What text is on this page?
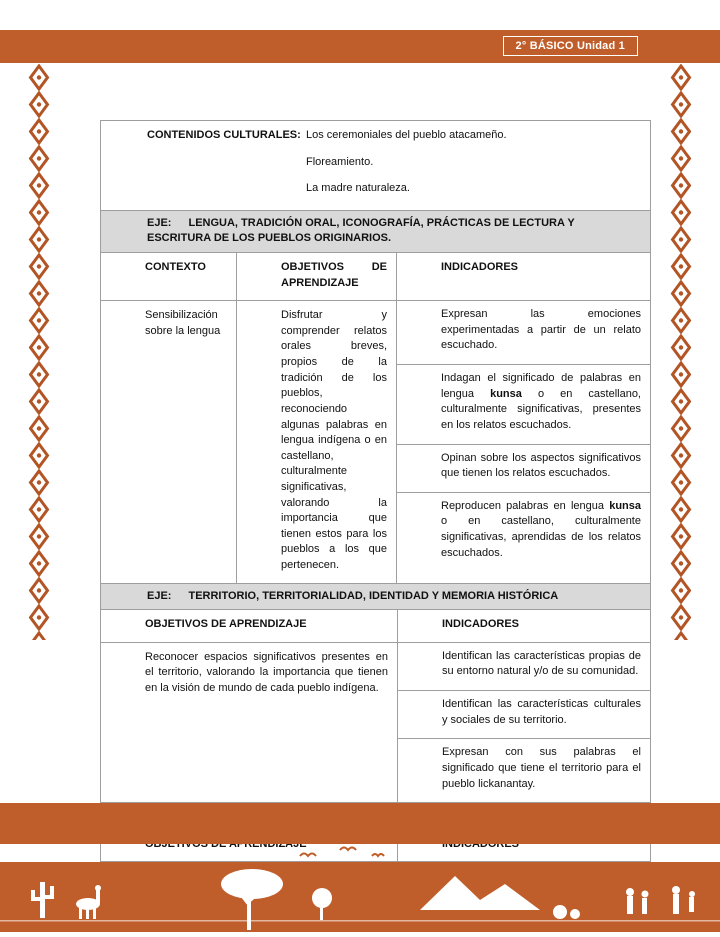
2° BÁSICO Unidad 1
CONTENIDOS CULTURALES: Los ceremoniales del pueblo atacameño.

Floreamiento.

La madre naturaleza.

EJE: LENGUA, TRADICIÓN ORAL, ICONOGRAFÍA, PRÁCTICAS DE LECTURA Y ESCRITURA DE LOS PUEBLOS ORIGINARIOS.
CONTEXTO	OBJETIVOS DE APRENDIZAJE
INDICADORES
Sensibilización sobre la lengua
Disfrutar y comprender relatos orales breves, propios de la tradición de los pueblos, reconociendo algunas palabras en lengua indígena o en castellano, culturalmente significativas, valorando la importancia que tienen estos para los pueblos a los que pertenecen.
Expresan las emociones experimentadas a partir de un relato escuchado.
Indagan el significado de palabras en lengua kunsa o en castellano, culturalmente significativas, presentes en los relatos escuchados.
Opinan sobre los aspectos significativos que tienen los relatos escuchados.
Reproducen palabras en lengua kunsa o en castellano, culturalmente significativas, aprendidas de los relatos escuchados.
EJE: TERRITORIO, TERRITORIALIDAD, IDENTIDAD Y MEMORIA HISTÓRICA
OBJETIVOS DE APRENDIZAJE	INDICADORES
Reconocer espacios significativos presentes en el territorio, valorando la importancia que tienen en la visión de mundo de cada pueblo indígena.
Identifican las características propias de su entorno natural y/o de su comunidad.
Identifican las características culturales y sociales de su territorio.
Expresan con sus palabras el significado que tiene el territorio para el pueblo lickanantay.
